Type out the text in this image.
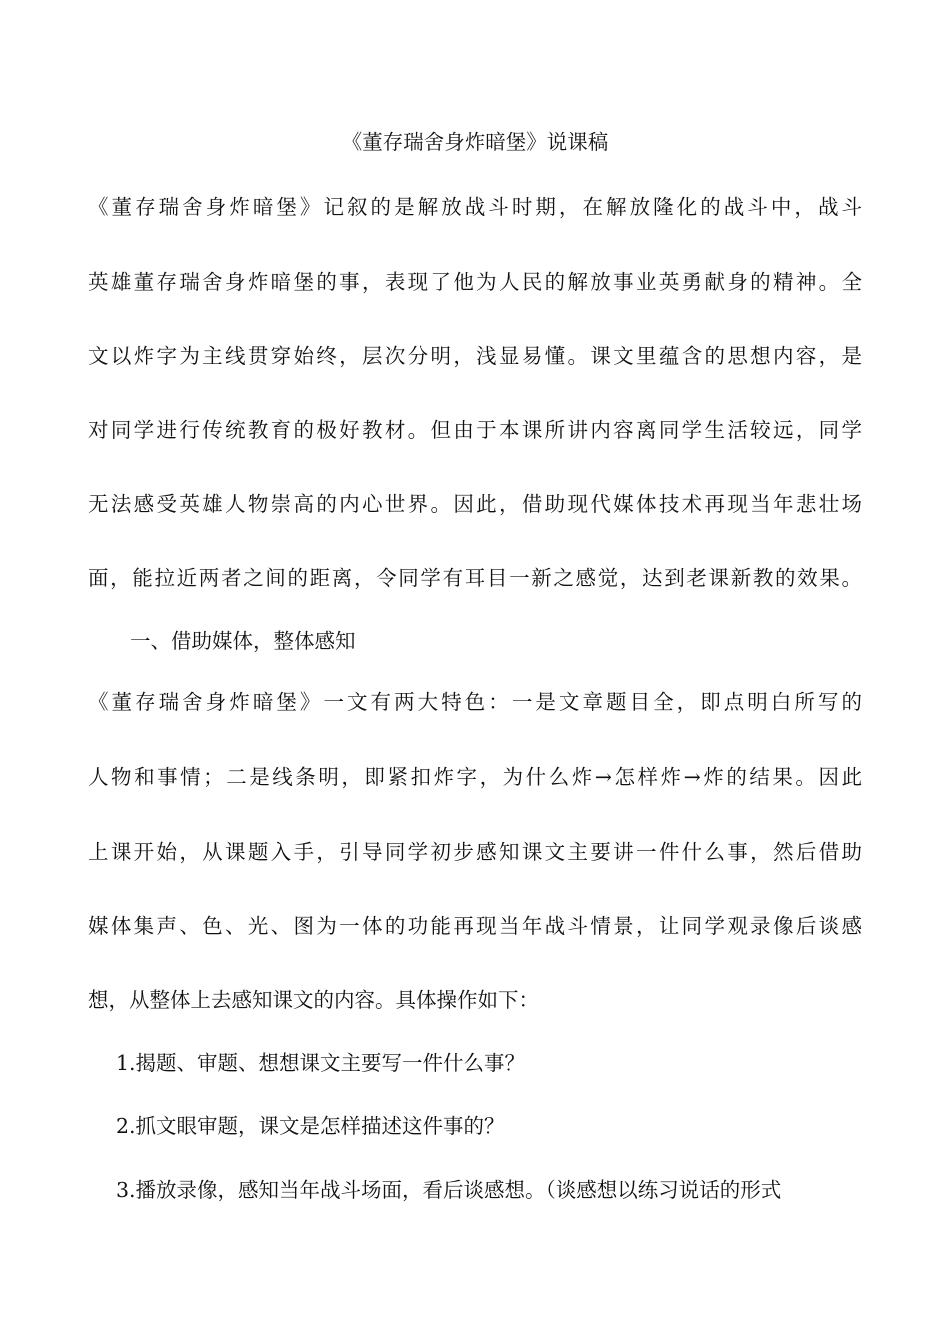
《董存瑞舍身炸暗堡》说课稿

《董存瑞舍身炸暗堡》记叙的是解放战斗时期，在解放隆化的战斗中，战斗

英雄董存瑞舍身炸暗堡的事，表现了他为人民的解放事业英勇献身的精神。全

文以炸字为主线贯穿始终，层次分明，浅显易懂。课文里蕴含的思想内容，是

对同学进行传统教育的极好教材。但由于本课所讲内容离同学生活较远，同学

无法感受英雄人物崇高的内心世界。因此，借助现代媒体技术再现当年悲壮场

面，能拉近两者之间的距离，令同学有耳目一新之感觉，达到老课新教的效果。

一、借助媒体，整体感知

《董存瑞舍身炸暗堡》一文有两大特色：一是文章题目全，即点明白所写的

人物和事情；二是线条明，即紧扣炸字，为什么炸→怎样炸→炸的结果。因此

上课开始，从课题入手，引导同学初步感知课文主要讲一件什么事，然后借助

媒体集声、色、光、图为一体的功能再现当年战斗情景，让同学观录像后谈感

想，从整体上去感知课文的内容。具体操作如下：

1.揭题、审题、想想课文主要写一件什么事？

2.抓文眼审题，课文是怎样描述这件事的？

3.播放录像，感知当年战斗场面，看后谈感想。（谈感想以练习说话的形式
